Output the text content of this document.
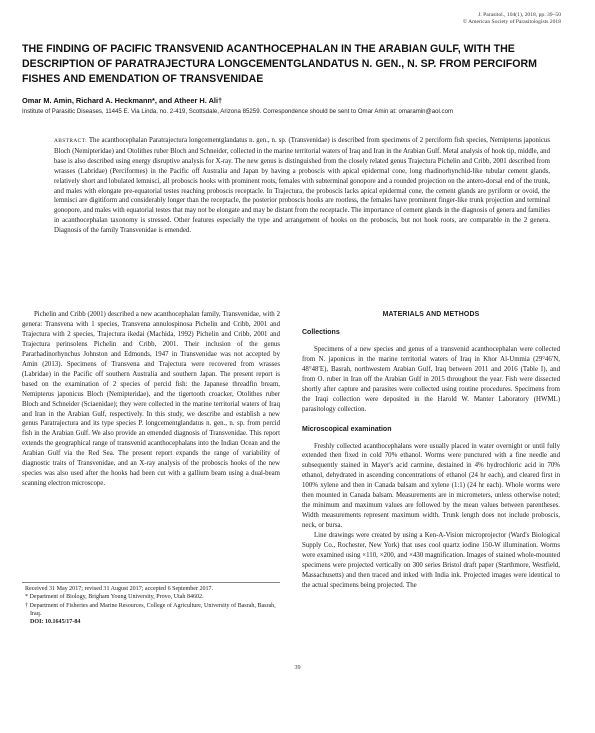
J. Parasitol., 104(1), 2018, pp. 39–50
© American Society of Parasitologists 2018
THE FINDING OF PACIFIC TRANSVENID ACANTHOCEPHALAN IN THE ARABIAN GULF, WITH THE DESCRIPTION OF PARATRAJECTURA LONGCEMENTGLANDATUS N. GEN., N. SP. FROM PERCIFORM FISHES AND EMENDATION OF TRANSVENIDAE
Omar M. Amin, Richard A. Heckmann*, and Atheer H. Ali†
Institute of Parasitic Diseases, 11445 E. Via Linda, no. 2-419, Scottsdale, Arizona 85259. Correspondence should be sent to Omar Amin at: omaramin@aol.com
ABSTRACT: The acanthocephalan Paratrajectura longcementglandatus n. gen., n. sp. (Transvenidae) is described from specimens of 2 perciform fish species, Nemipterus japonicus Bloch (Nemipteridae) and Otolithes ruber Bloch and Schneider, collected in the marine territorial waters of Iraq and Iran in the Arabian Gulf. Metal analysis of hook tip, middle, and base is also described using energy disruptive analysis for X-ray. The new genus is distinguished from the closely related genus Trajectura Pichelin and Cribb, 2001 described from wrasses (Labridae) (Perciformes) in the Pacific off Australia and Japan by having a proboscis with apical epidermal cone, long rhadinorhynchid-like tubular cement glands, relatively short and lobulated lemnisci, all proboscis hooks with prominent roots, females with subterminal gonopore and a rounded projection on the antero-dorsal end of the trunk, and males with elongate pre-equatorial testes reaching proboscis receptacle. In Trajectura, the proboscis lacks apical epidermal cone, the cement glands are pyriform or ovoid, the lemnisci are digitiform and considerably longer than the receptacle, the posterior proboscis hooks are rootless, the females have prominent finger-like trunk projection and terminal gonopore, and males with equatorial testes that may not be elongate and may be distant from the receptacle. The importance of cement glands in the diagnosis of genera and families in acanthocephalan taxonomy is stressed. Other features especially the type and arrangement of hooks on the proboscis, but not hook roots, are comparable in the 2 genera. Diagnosis of the family Transvenidae is emended.

Pichelin and Cribb (2001) described a new acanthocephalan family, Transvenidae, with 2 genera: Transvena with 1 species, Transvena annulospinosa Pichelin and Cribb, 2001 and Trajectura with 2 species, Trajectura ikedai (Machida, 1992) Pichelin and Cribb, 2001 and Trajectura perinsolens Pichelin and Cribb, 2001. Their inclusion of the genus Pararhadinorhynchus Johnston and Edmonds, 1947 in Transvenidae was not accepted by Amin (2013). Specimens of Transvena and Trajectura were recovered from wrasses (Labridae) in the Pacific off southern Australia and southern Japan. The present report is based on the examination of 2 species of percid fish: the Japanese threadfin bream, Nemipterus japonicus Bloch (Nemipteridae), and the tigertooth croacker, Otolithes ruber Bloch and Schneider (Sciaenidae); they were collected in the marine territorial waters of Iraq and Iran in the Arabian Gulf, respectively. In this study, we describe and establish a new genus Paratrajectura and its type species P. longcementglandatus n. gen., n. sp. from percid fish in the Arabian Gulf. We also provide an emended diagnosis of Transvenidae. This report extends the geographical range of transvenid acanthocephalans into the Indian Ocean and the Arabian Gulf via the Red Sea. The present report expands the range of variability of diagnostic traits of Transvenidae, and an X-ray analysis of the proboscis hooks of the new species was also used after the hooks had been cut with a gallium beam using a dual-beam scanning electron microscope.

Received 31 May 2017; revised 31 August 2017; accepted 6 September 2017.

* Department of Biology, Brigham Young University, Provo, Utah 84602.

† Department of Fisheries and Marine Resources, College of Agriculture, University of Basrah, Basrah, Iraq.

DOI: 10.1645/17-84
MATERIALS AND METHODS
Collections

Specimens of a new species and genus of a transvenid acanthocephalan were collected from N. japonicus in the marine territorial waters of Iraq in Khor Al-Ummia (29°46′N, 48°48′E), Basrah, northwestern Arabian Gulf, Iraq between 2011 and 2016 (Table I), and from O. ruber in Iran off the Arabian Gulf in 2015 throughout the year. Fish were dissected shortly after capture and parasites were collected using routine procedures. Specimens from the Iraqi collection were deposited in the Harold W. Manter Laboratory (HWML) parasitology collection.

Microscopical examination

Freshly collected acanthocephalans were usually placed in water overnight or until fully extended then fixed in cold 70% ethanol. Worms were punctured with a fine needle and subsequently stained in Mayer's acid carmine, destained in 4% hydrochloric acid in 70% ethanol, dehydrated in ascending concentrations of ethanol (24 hr each), and cleared first in 100% xylene and then in Canada balsam and xylene (1:1) (24 hr each). Whole worms were then mounted in Canada balsam. Measurements are in micrometers, unless otherwise noted; the minimum and maximum values are followed by the mean values between parentheses. Width measurements represent maximum width. Trunk length does not include proboscis, neck, or bursa.

Line drawings were created by using a Ken-A-Vision microprojector (Ward's Biological Supply Co., Rochester, New York) that uses cool quartz iodine 150-W illumination. Worms were examined using ×110, ×200, and ×430 magnification. Images of stained whole-mounted specimens were projected vertically on 300 series Bristol draft paper (Starthmore, Westfield, Massachusetts) and then traced and inked with India ink. Projected images were identical to the actual specimens being projected. The

39
